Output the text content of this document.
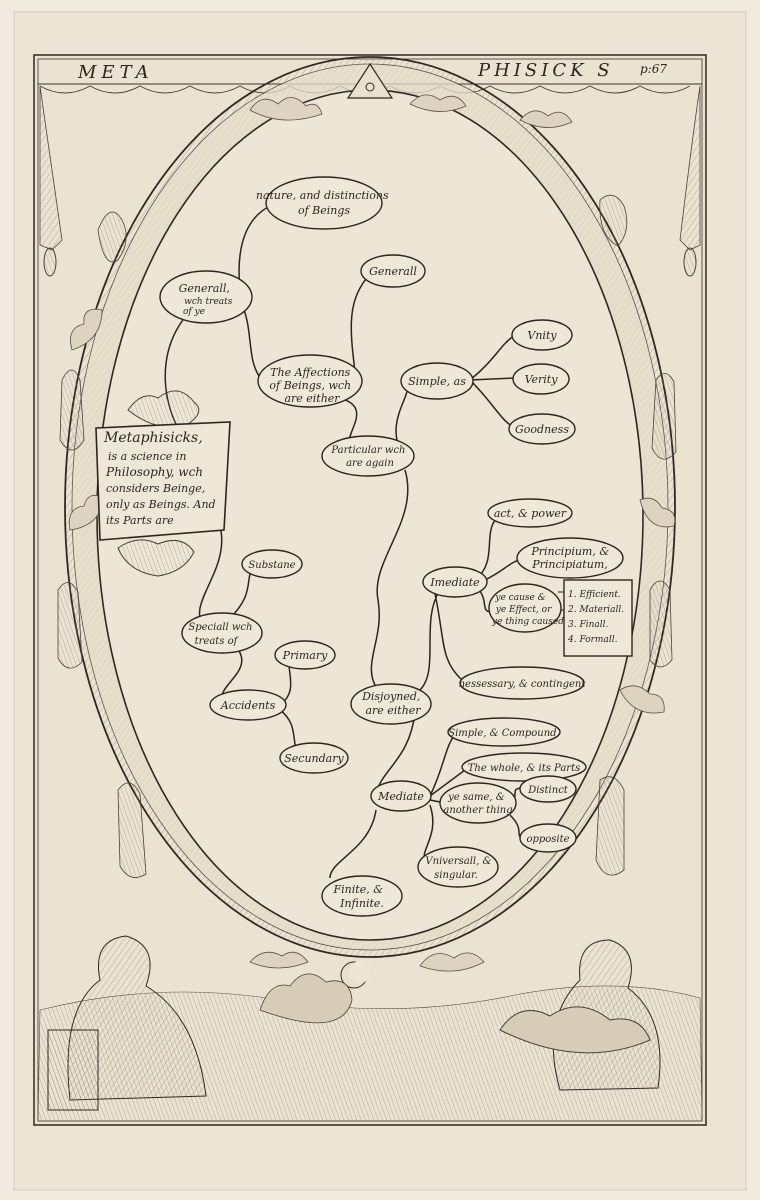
META	PHISICK S p:67
Metaphisicks, is a science in Philosophy, wch considers Beinge, only as Beings. And its Parts are
Generall, wch treats of ye
nature, and distinctions of Beings
Generall
The Affections of Beings, wch are either
Simple, as
Vnity
Verity
Goodness
Particular wch are again
act, & power
Principium, & Principiatum,
Imediate
ye cause & ye Effect, or ye thing caused
1. Efficient. 2. Materiall. 3. Finall. 4. Formall.
Substane
Speciall wch treats of
Primary
Accidents
Secundary
nessessary, & contingent
Disjoyned, are either
Simple, & Compound.
The whole, & its Parts
ye same, & another thing
Distinct
opposite
Mediate
Vniversall, & singular.
Finite, & Infinite.
